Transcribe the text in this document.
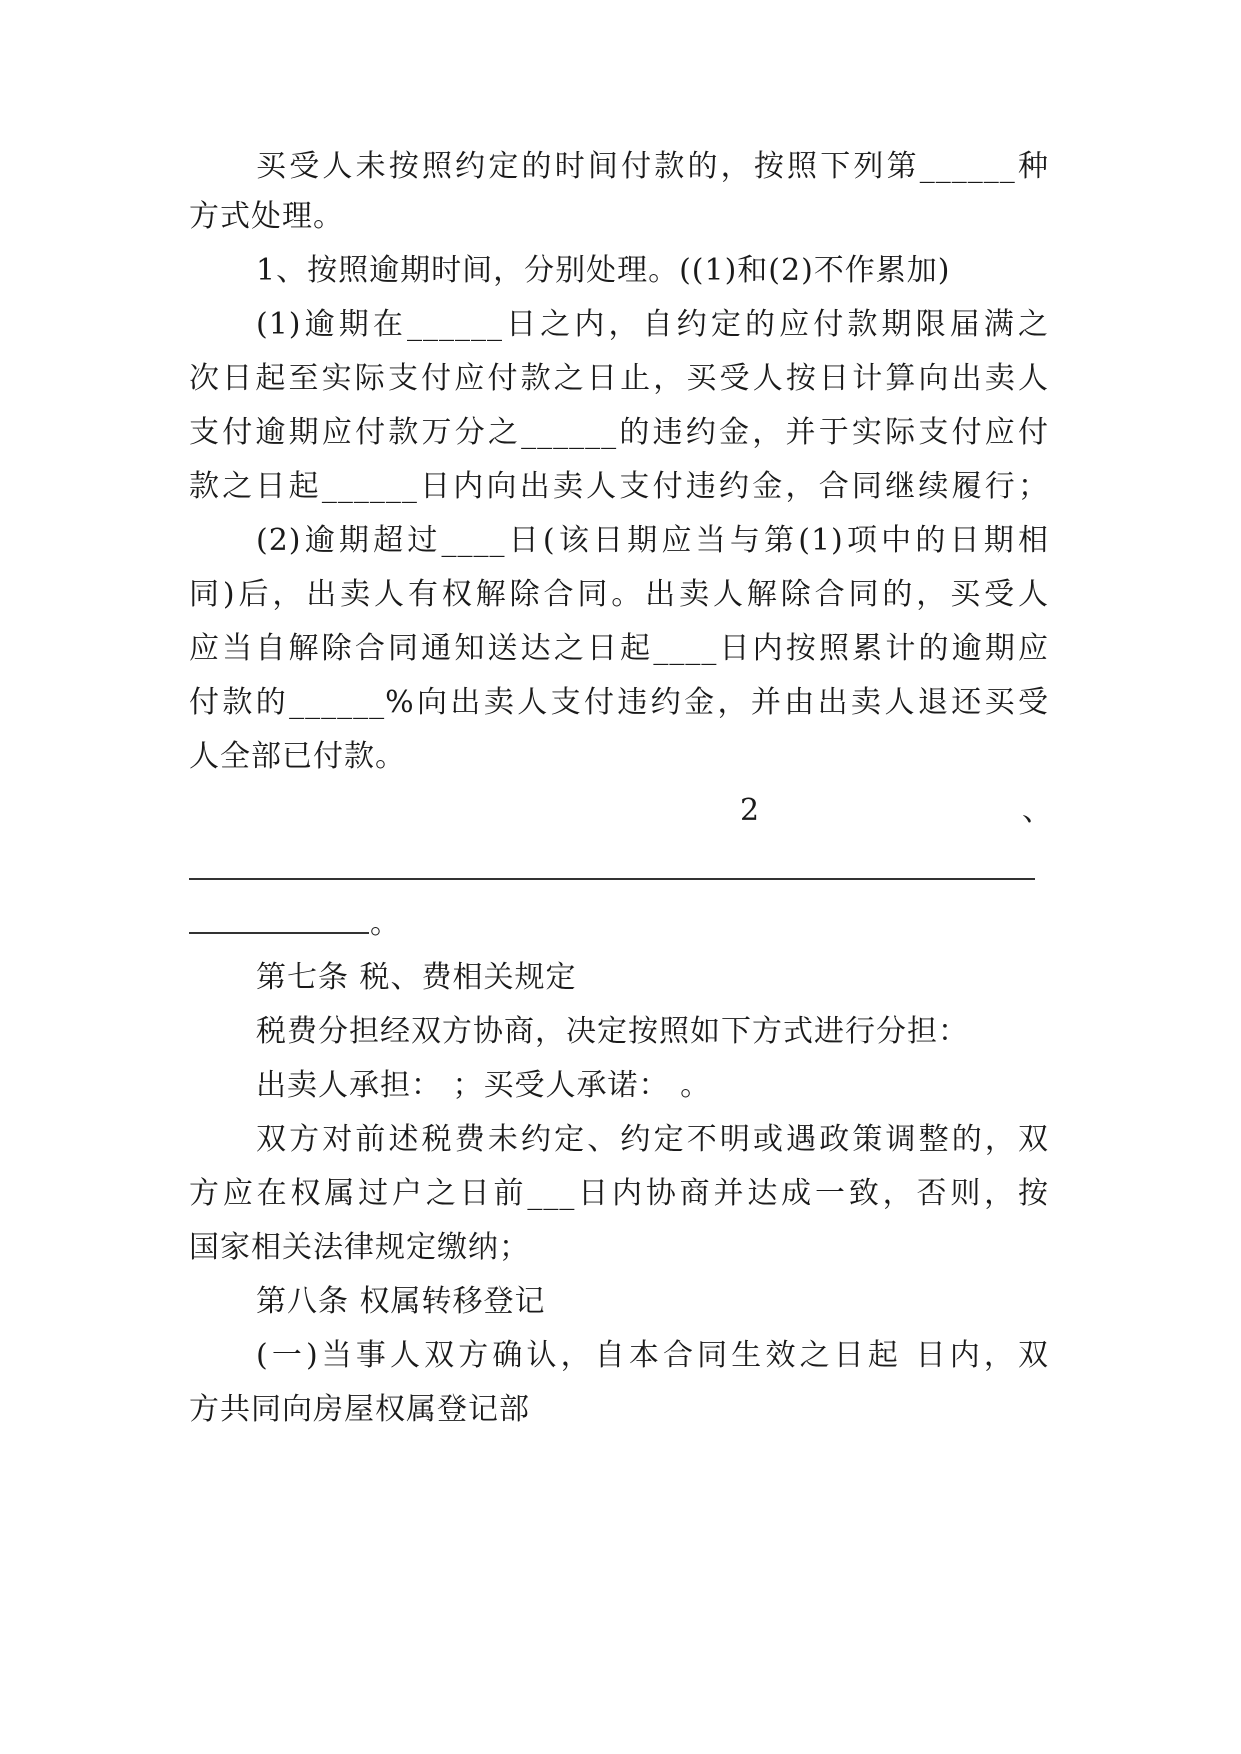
买受人未按照约定的时间付款的，按照下列第______种
方式处理。
1、按照逾期时间，分别处理。((1)和(2)不作累加)
(1)逾期在______日之内，自约定的应付款期限届满之
次日起至实际支付应付款之日止，买受人按日计算向出卖人
支付逾期应付款万分之______的违约金，并于实际支付应付
款之日起______日内向出卖人支付违约金，合同继续履行；
(2)逾期超过____日(该日期应当与第(1)项中的日期相
同)后，出卖人有权解除合同。出卖人解除合同的，买受人
应当自解除合同通知送达之日起____日内按照累计的逾期应
付款的______%向出卖人支付违约金，并由出卖人退还买受
人全部已付款。
2	、
。
第七条 税、费相关规定
税费分担经双方协商，决定按照如下方式进行分担：
出卖人承担： ；买受人承诺： 。
双方对前述税费未约定、约定不明或遇政策调整的，双
方应在权属过户之日前___日内协商并达成一致，否则，按
国家相关法律规定缴纳；
第八条 权属转移登记
(一)当事人双方确认，自本合同生效之日起 日内，双
方共同向房屋权属登记部
